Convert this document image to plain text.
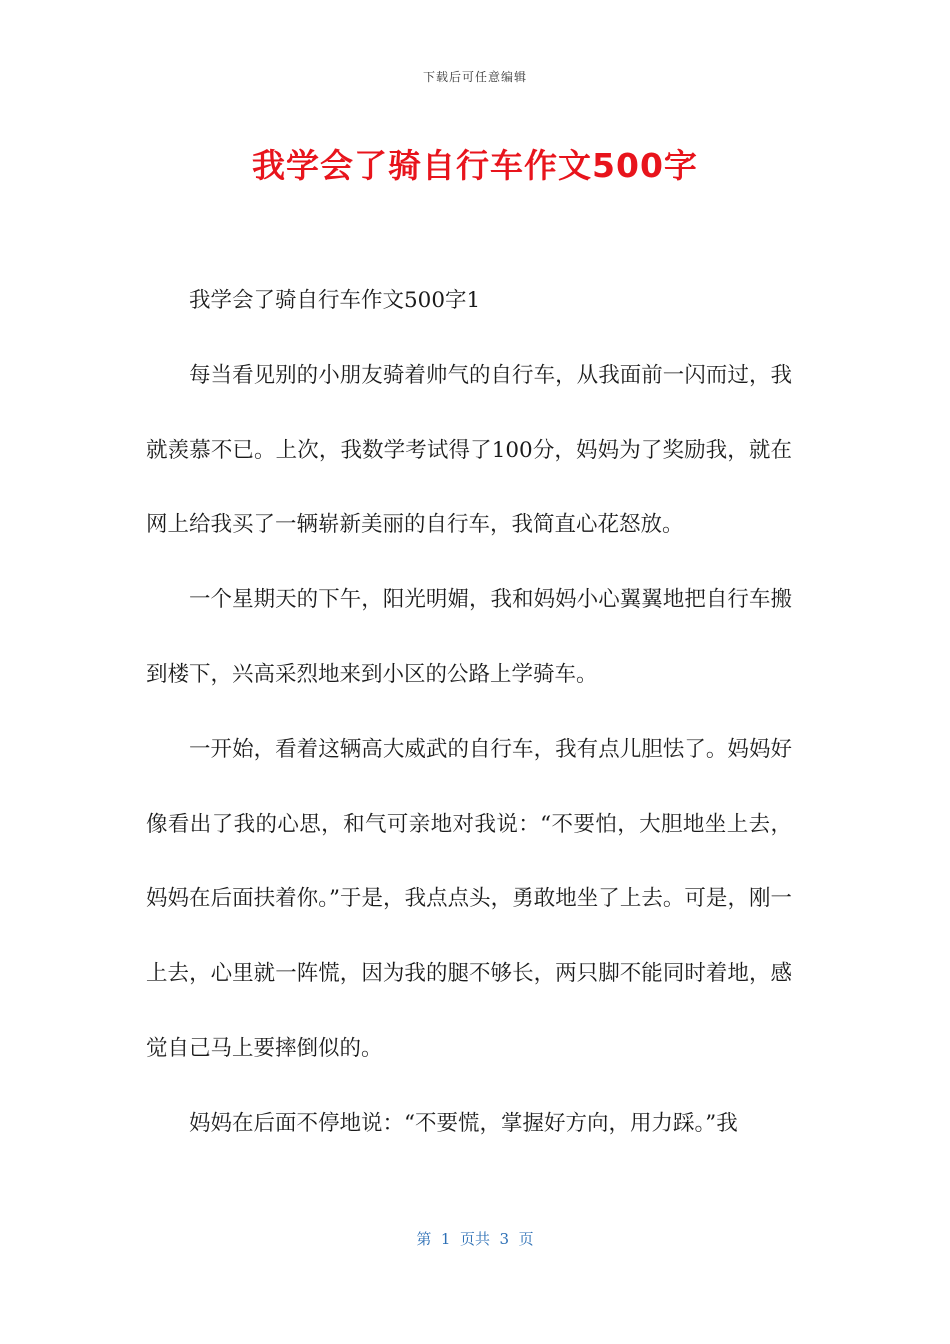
下载后可任意编辑
我学会了骑自行车作文500字

我学会了骑自行车作文500字1

每当看见别的小朋友骑着帅气的自行车，从我面前一闪而过，我就羡慕不已。上次，我数学考试得了100分，妈妈为了奖励我，就在网上给我买了一辆崭新美丽的自行车，我简直心花怒放。

一个星期天的下午，阳光明媚，我和妈妈小心翼翼地把自行车搬到楼下，兴高采烈地来到小区的公路上学骑车。

一开始，看着这辆高大威武的自行车，我有点儿胆怯了。妈妈好像看出了我的心思，和气可亲地对我说：“不要怕，大胆地坐上去，妈妈在后面扶着你。”于是，我点点头，勇敢地坐了上去。可是，刚一上去，心里就一阵慌，因为我的腿不够长，两只脚不能同时着地，感觉自己马上要摔倒似的。

妈妈在后面不停地说：“不要慌，掌握好方向，用力踩。”我

第  1  页共  3  页
